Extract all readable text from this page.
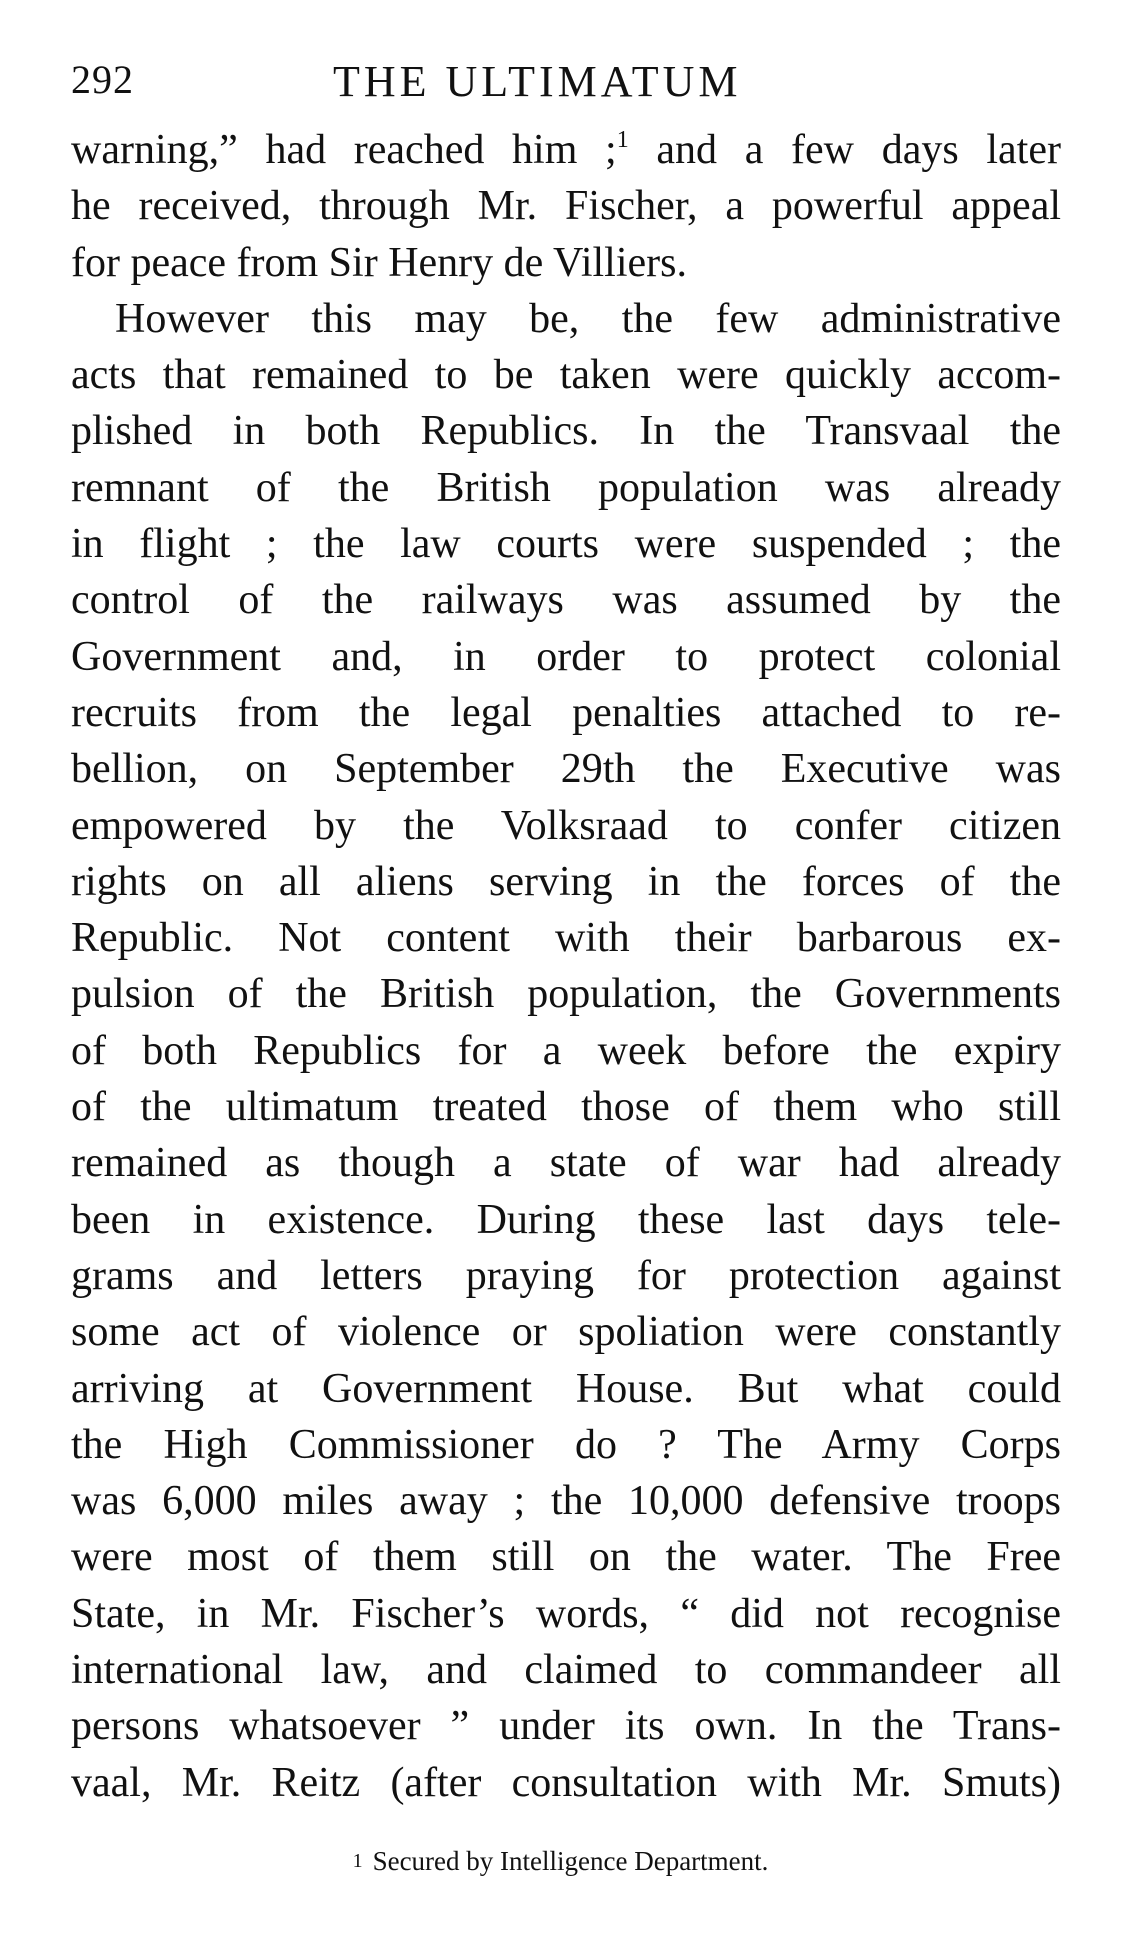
292	THE ULTIMATUM
warning,” had reached him ;$^1$ and a few days later
he received, through Mr. Fischer, a powerful appeal
for peace from Sir Henry de Villiers.
However this may be, the few administrative
acts that remained to be taken were quickly accom-
plished in both Republics. In the Transvaal the
remnant of the British population was already
in flight ; the law courts were suspended ; the
control of the railways was assumed by the
Government and, in order to protect colonial
recruits from the legal penalties attached to re-
bellion, on September 29th the Executive was
empowered by the Volksraad to confer citizen
rights on all aliens serving in the forces of the
Republic. Not content with their barbarous ex-
pulsion of the British population, the Governments
of both Republics for a week before the expiry
of the ultimatum treated those of them who still
remained as though a state of war had already
been in existence. During these last days tele-
grams and letters praying for protection against
some act of violence or spoliation were constantly
arriving at Government House. But what could
the High Commissioner do ? The Army Corps
was 6,000 miles away ; the 10,000 defensive troops
were most of them still on the water. The Free
State, in Mr. Fischer’s words, “ did not recognise
international law, and claimed to commandeer all
persons whatsoever ” under its own. In the Trans-
vaal, Mr. Reitz (after consultation with Mr. Smuts)
$^1$ Secured by Intelligence Department.
